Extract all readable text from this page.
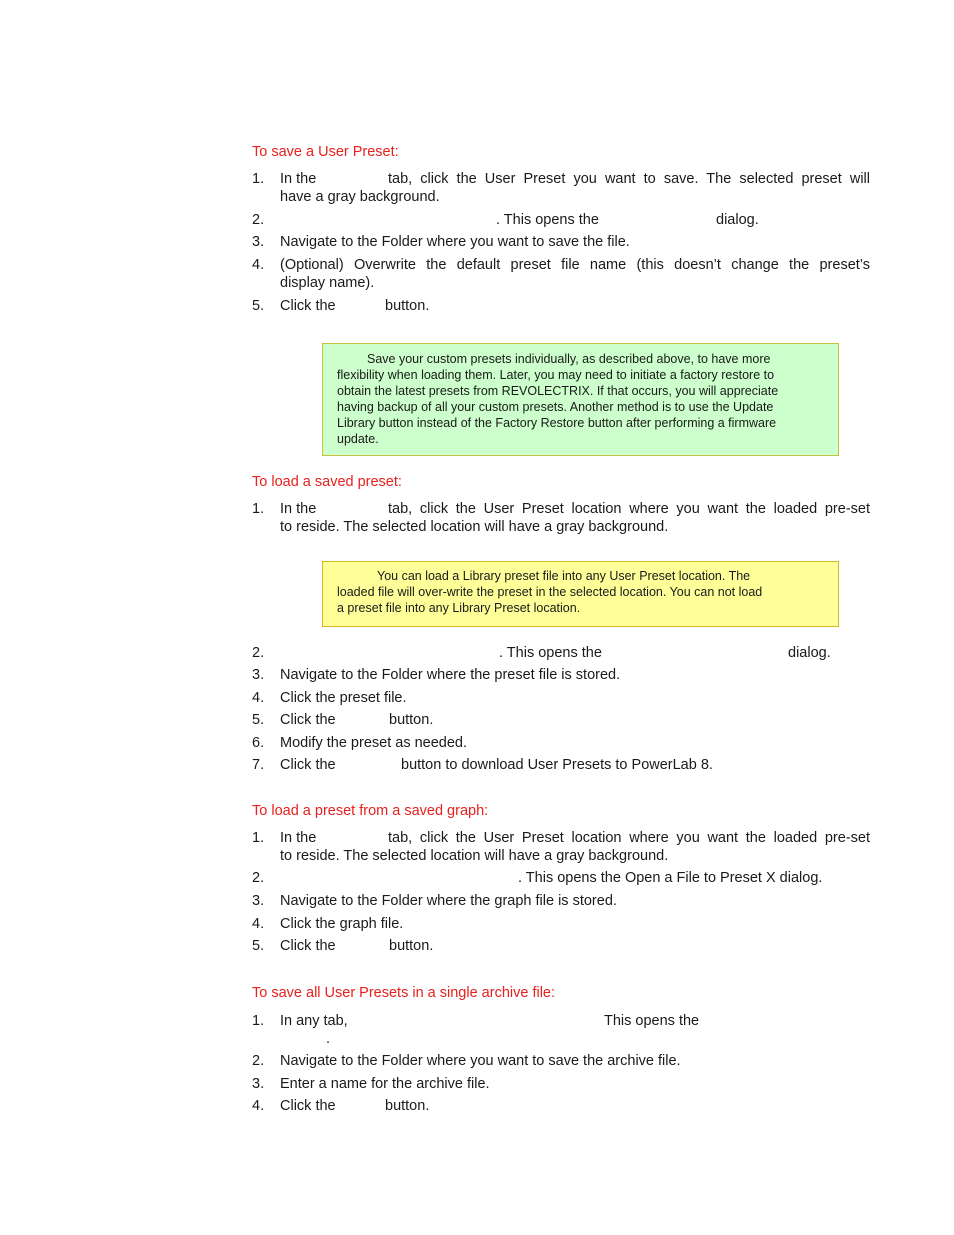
To save a User Preset:
1. In the	tab, click the User Preset you want to save. The selected preset will
have a gray background.
2.	. This opens the	dialog.
3. Navigate to the Folder where you want to save the file.
4. (Optional) Overwrite the default preset file name (this doesn’t change the preset’s
display name).
5. Click the	button.
Save your custom presets individually, as described above, to have more
flexibility when loading them. Later, you may need to initiate a factory restore to
obtain the latest presets from REVOLECTRIX. If that occurs, you will appreciate
having backup of all your custom presets. Another method is to use the Update
Library button instead of the Factory Restore button after performing a firmware
update.
To load a saved preset:
1. In the	tab, click the User Preset location where you want the loaded pre-set
to reside. The selected location will have a gray background.
You can load a Library preset file into any User Preset location. The
loaded file will over-write the preset in the selected location. You can not load
a preset file into any Library Preset location.
2.	. This opens the	dialog.
3. Navigate to the Folder where the preset file is stored.
4. Click the preset file.
5. Click the	button.
6. Modify the preset as needed.
7. Click the	button to download User Presets to PowerLab 8.
To load a preset from a saved graph:
1. In the	tab, click the User Preset location where you want the loaded pre-set
to reside. The selected location will have a gray background.
2.	. This opens the Open a File to Preset X dialog.
3. Navigate to the Folder where the graph file is stored.
4. Click the graph file.
5. Click the	button.
To save all User Presets in a single archive file:
1. In any tab,	This opens the
.
2. Navigate to the Folder where you want to save the archive file.
3. Enter a name for the archive file.
4. Click the	button.
